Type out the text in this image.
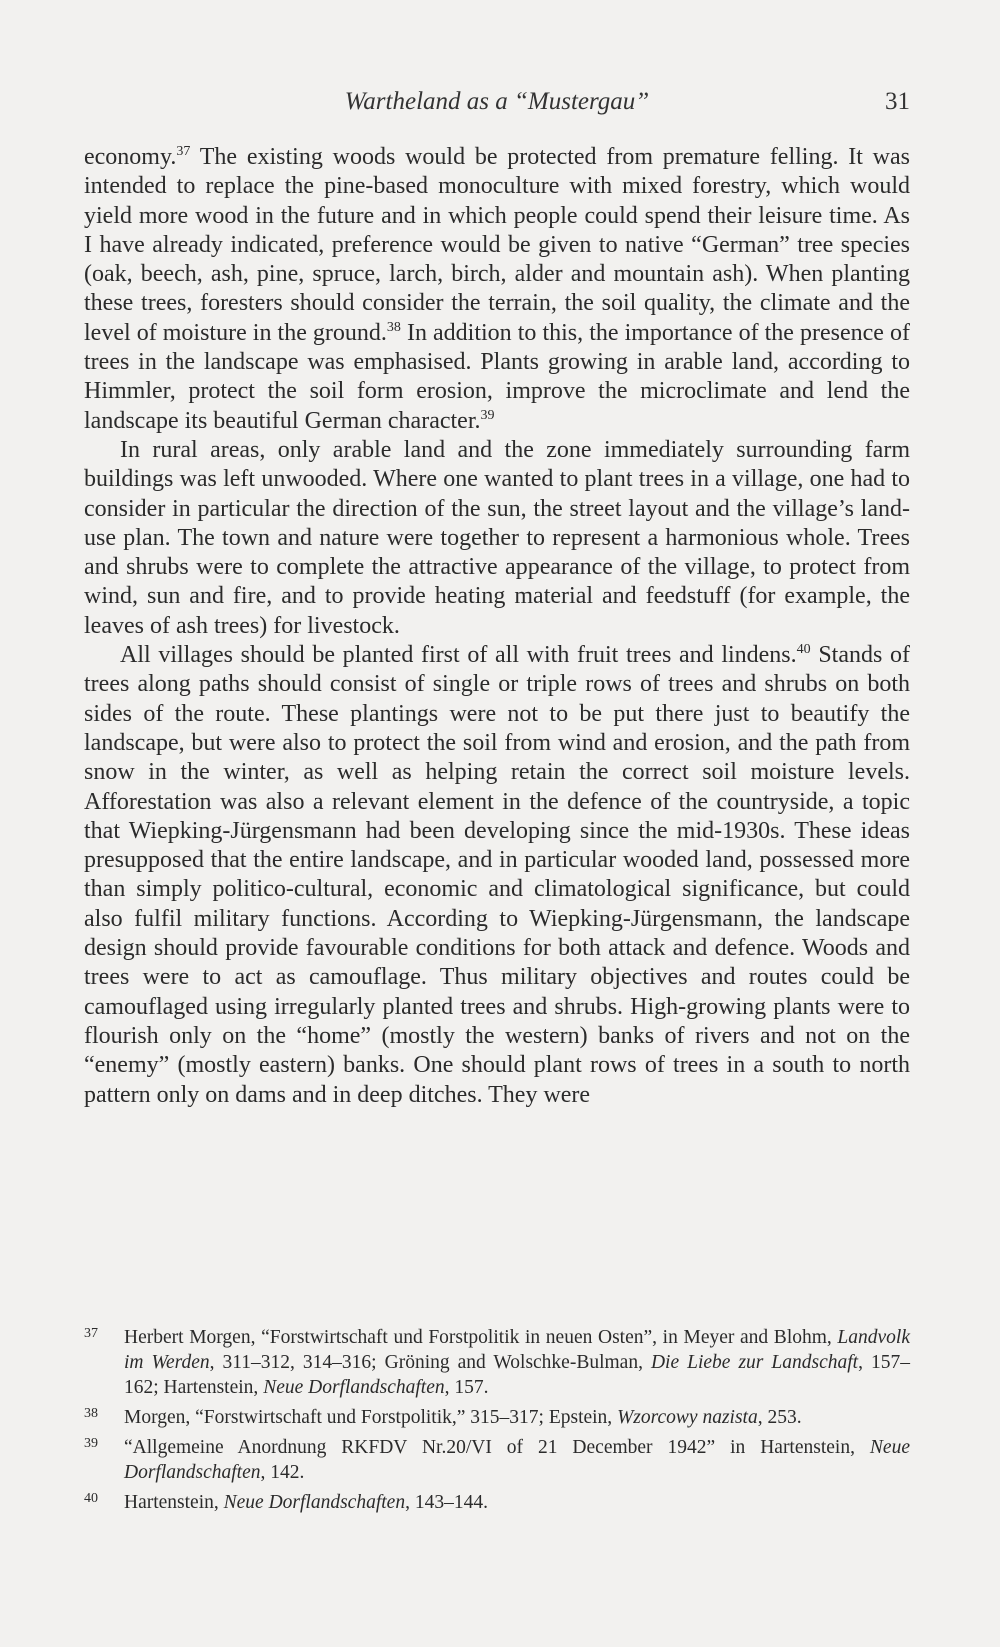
Wartheland as a “Mustergau”	31

economy.$^{37}$ The existing woods would be protected from premature felling. It was intended to replace the pine-based monoculture with mixed forestry, which would yield more wood in the future and in which people could spend their leisure time. As I have already indicated, preference would be given to native “German” tree species (oak, beech, ash, pine, spruce, larch, birch, alder and mountain ash). When planting these trees, foresters should consider the terrain, the soil quality, the climate and the level of moisture in the ground.$^{38}$ In addition to this, the importance of the presence of trees in the landscape was emphasised. Plants growing in arable land, according to Himmler, protect the soil form erosion, improve the microclimate and lend the landscape its beautiful German character.$^{39}$

In rural areas, only arable land and the zone immediately surrounding farm buildings was left unwooded. Where one wanted to plant trees in a village, one had to consider in particular the direction of the sun, the street layout and the village’s land-use plan. The town and nature were together to represent a harmonious whole. Trees and shrubs were to complete the attractive appearance of the village, to protect from wind, sun and fire, and to provide heating material and feedstuff (for example, the leaves of ash trees) for livestock.

All villages should be planted first of all with fruit trees and lindens.$^{40}$ Stands of trees along paths should consist of single or triple rows of trees and shrubs on both sides of the route. These plantings were not to be put there just to beautify the landscape, but were also to protect the soil from wind and erosion, and the path from snow in the winter, as well as helping retain the correct soil moisture levels. Afforestation was also a relevant element in the defence of the countryside, a topic that Wiepking-Jürgensmann had been developing since the mid-1930s. These ideas presupposed that the entire landscape, and in particular wooded land, possessed more than simply politico-cultural, economic and climatological significance, but could also fulfil military functions. According to Wiepking-Jürgensmann, the landscape design should provide favourable conditions for both attack and defence. Woods and trees were to act as camouflage. Thus military objectives and routes could be camouflaged using irregularly planted trees and shrubs. High-growing plants were to flourish only on the “home” (mostly the western) banks of rivers and not on the “enemy” (mostly eastern) banks. One should plant rows of trees in a south to north pattern only on dams and in deep ditches. They were

37 Herbert Morgen, “Forstwirtschaft und Forstpolitik in neuen Osten”, in Meyer and Blohm, Landvolk im Werden, 311–312, 314–316; Gröning and Wolschke-Bulman, Die Liebe zur Landschaft, 157–162; Hartenstein, Neue Dorflandschaften, 157.
38 Morgen, “Forstwirtschaft und Forstpolitik,” 315–317; Epstein, Wzorcowy nazista, 253.
39 “Allgemeine Anordnung RKFDV Nr.20/VI of 21 December 1942” in Hartenstein, Neue Dorflandschaften, 142.
40 Hartenstein, Neue Dorflandschaften, 143–144.
